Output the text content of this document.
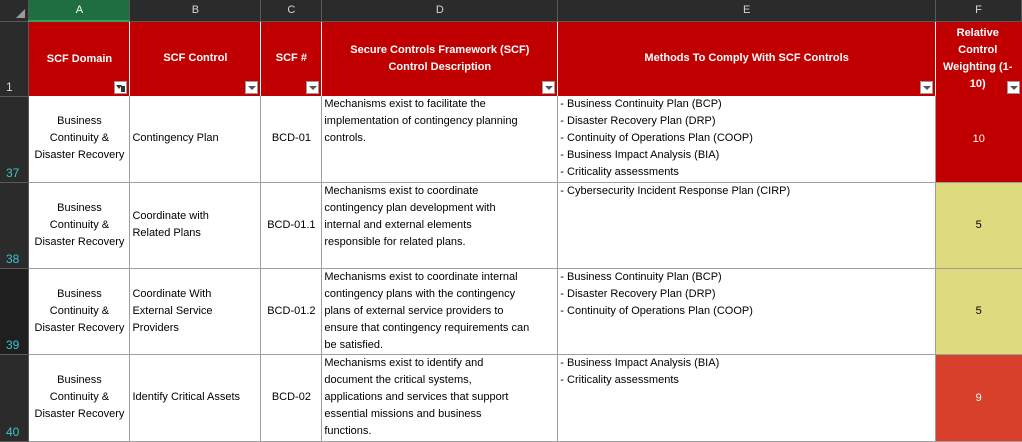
	A	B	C	D	E	F
1	SCF Domain	SCF Control	SCF #	Secure Controls Framework (SCF)
Control Description	Methods To Comply With SCF Controls	Relative
Control
Weighting (1-
10)

37	Business
Continuity &
Disaster Recovery	Contingency Plan	BCD-01	Mechanisms exist to facilitate the
implementation of contingency planning
controls.	- Business Continuity Plan (BCP)
- Disaster Recovery Plan (DRP)
- Continuity of Operations Plan (COOP)
- Business Impact Analysis (BIA)
- Criticality assessments	10
38	Business
Continuity &
Disaster Recovery	Coordinate with
Related Plans	BCD-01.1	Mechanisms exist to coordinate
contingency plan development with
internal and external elements
responsible for related plans.	- Cybersecurity Incident Response Plan (CIRP)	5
39	Business
Continuity &
Disaster Recovery	Coordinate With
External Service
Providers	BCD-01.2	Mechanisms exist to coordinate internal
contingency plans with the contingency
plans of external service providers to
ensure that contingency requirements can
be satisfied.	- Business Continuity Plan (BCP)
- Disaster Recovery Plan (DRP)
- Continuity of Operations Plan (COOP)	5
40	Business
Continuity &
Disaster Recovery	Identify Critical Assets	BCD-02	Mechanisms exist to identify and
document the critical systems,
applications and services that support
essential missions and business
functions.	- Business Impact Analysis (BIA)
- Criticality assessments	9
